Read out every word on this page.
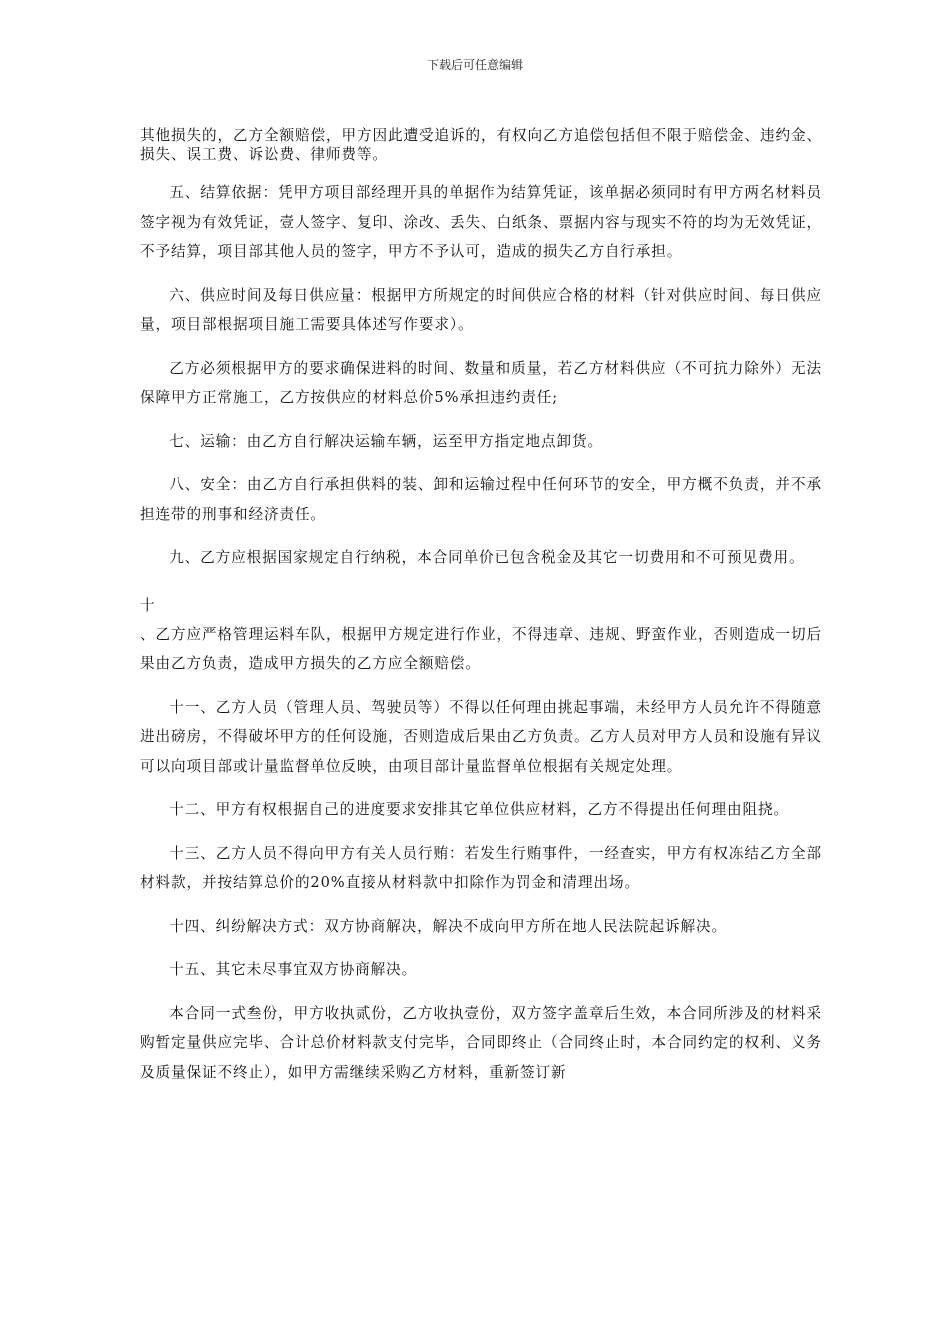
下载后可任意编辑

其他损失的，乙方全额赔偿，甲方因此遭受追诉的，有权向乙方追偿包括但不限于赔偿金、违约金、损失、误工费、诉讼费、律师费等。

五、结算依据：凭甲方项目部经理开具的单据作为结算凭证，该单据必须同时有甲方两名材料员签字视为有效凭证，壹人签字、复印、涂改、丢失、白纸条、票据内容与现实不符的均为无效凭证，不予结算，项目部其他人员的签字，甲方不予认可，造成的损失乙方自行承担。

六、供应时间及每日供应量：根据甲方所规定的时间供应合格的材料（针对供应时间、每日供应量，项目部根据项目施工需要具体述写作要求）。

乙方必须根据甲方的要求确保进料的时间、数量和质量，若乙方材料供应（不可抗力除外）无法保障甲方正常施工，乙方按供应的材料总价5%承担违约责任;

七、运输：由乙方自行解决运输车辆，运至甲方指定地点卸货。

八、安全：由乙方自行承担供料的装、卸和运输过程中任何环节的安全，甲方概不负责，并不承担连带的刑事和经济责任。

九、乙方应根据国家规定自行纳税，本合同单价已包含税金及其它一切费用和不可预见费用。

十

、乙方应严格管理运料车队，根据甲方规定进行作业，不得违章、违规、野蛮作业，否则造成一切后果由乙方负责，造成甲方损失的乙方应全额赔偿。

十一、乙方人员（管理人员、驾驶员等）不得以任何理由挑起事端，未经甲方人员允许不得随意进出磅房，不得破坏甲方的任何设施，否则造成后果由乙方负责。乙方人员对甲方人员和设施有异议可以向项目部或计量监督单位反映，由项目部计量监督单位根据有关规定处理。

十二、甲方有权根据自己的进度要求安排其它单位供应材料，乙方不得提出任何理由阻挠。

十三、乙方人员不得向甲方有关人员行贿：若发生行贿事件，一经查实，甲方有权冻结乙方全部材料款，并按结算总价的20%直接从材料款中扣除作为罚金和清理出场。

十四、纠纷解决方式：双方协商解决，解决不成向甲方所在地人民法院起诉解决。

十五、其它未尽事宜双方协商解决。

本合同一式叁份，甲方收执贰份，乙方收执壹份，双方签字盖章后生效，本合同所涉及的材料采购暂定量供应完毕、合计总价材料款支付完毕，合同即终止（合同终止时，本合同约定的权利、义务及质量保证不终止），如甲方需继续采购乙方材料，重新签订新
